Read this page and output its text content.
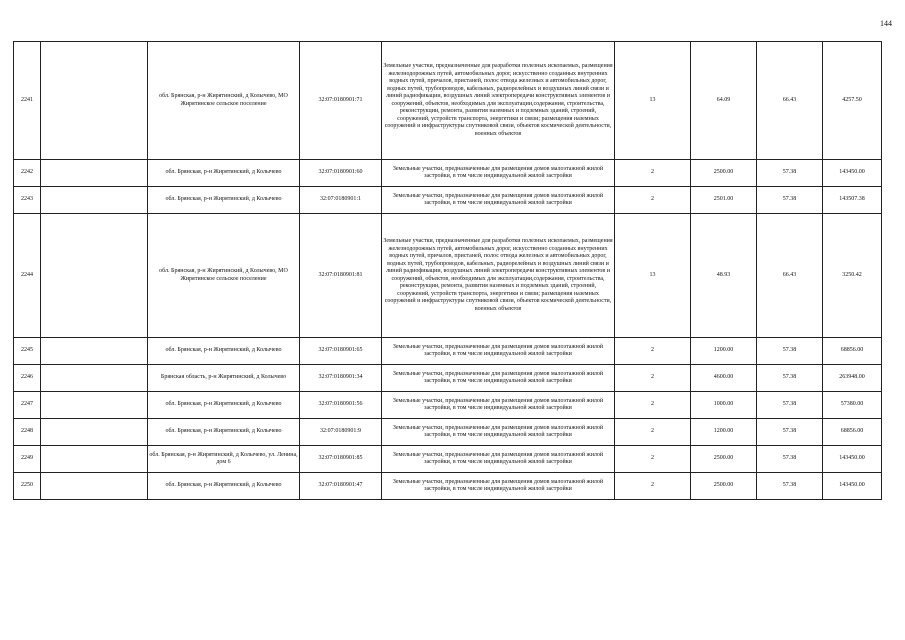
144
2241		обл. Брянская, р-н Жирятинский, д Колычево, МО Жирятинское сельское поселение	32:07:0180901:71	Земельные участки, предназначенные для разработки полезных ископаемых, размещения железнодорожных путей, автомобильных дорог, искусственно созданных внутренних водных путей, причалов, пристаней, полос отвода железных и автомобильных дорог, водных путей, трубопроводов, кабельных, радиорелейных и воздушных линий связи и линий радиофикации, воздушных линий электропередачи конструктивных элементов и сооружений, объектов, необходимых для эксплуатации,содержания, строительства, реконструкции, ремонта, развития наземных и подземных зданий, строений, сооружений, устройств транспорта, энергетики и связи; размещения наземных сооружений и инфраструктуры спутниковой связи, объектов космической деятельности, военных объектов	13	64.09	66.43	4257.50
2242		обл. Брянская, р-н Жирятинский, д Колычево	32:07:0180901:60	Земельные участки, предназначенные для размещения домов малоэтажной жилой застройки, в том числе индивидуальной жилой застройки	2	2500.00	57.38	143450.00
2243		обл. Брянская, р-н Жирятинский, д Колычево	32:07:0180901:1	Земельные участки, предназначенные для размещения домов малоэтажной жилой застройки, в том числе индивидуальной жилой застройки	2	2501.00	57.38	143507.38
2244		обл. Брянская, р-н Жирятинский, д Колычево, МО Жирятинское сельское поселение	32:07:0180901:81	Земельные участки, предназначенные для разработки полезных ископаемых, размещения железнодорожных путей, автомобильных дорог, искусственно созданных внутренних водных путей, причалов, пристаней, полос отвода железных и автомобильных дорог, водных путей, трубопроводов, кабельных, радиорелейных и воздушных линий связи и линий радиофикации, воздушных линий электропередачи конструктивных элементов и сооружений, объектов, необходимых для эксплуатации,содержания, строительства, реконструкции, ремонта, развития наземных и подземных зданий, строений, сооружений, устройств транспорта, энергетики и связи; размещения наземных сооружений и инфраструктуры спутниковой связи, объектов космической деятельности, военных объектов	13	48.93	66.43	3250.42
2245		обл. Брянская, р-н Жирятинский, д Колычево	32:07:0180901:65	Земельные участки, предназначенные для размещения домов малоэтажной жилой застройки, в том числе индивидуальной жилой застройки	2	1200.00	57.38	68856.00
2246		Брянская область, р-н Жирятинский, д Колычево	32:07:0180901:34	Земельные участки, предназначенные для размещения домов малоэтажной жилой застройки, в том числе индивидуальной жилой застройки	2	4600.00	57.38	263948.00
2247		обл. Брянская, р-н Жирятинский, д Колычево	32:07:0180901:56	Земельные участки, предназначенные для размещения домов малоэтажной жилой застройки, в том числе индивидуальной жилой застройки	2	1000.00	57.38	57380.00
2248		обл. Брянская, р-н Жирятинский, д Колычево	32:07:0180901:9	Земельные участки, предназначенные для размещения домов малоэтажной жилой застройки, в том числе индивидуальной жилой застройки	2	1200.00	57.38	68856.00
2249		обл. Брянская, р-н Жирятинский, д Колычево, ул. Ленина, дом 6	32:07:0180901:85	Земельные участки, предназначенные для размещения домов малоэтажной жилой застройки, в том числе индивидуальной жилой застройки	2	2500.00	57.38	143450.00
2250		обл. Брянская, р-н Жирятинский, д Колычево	32:07:0180901:47	Земельные участки, предназначенные для размещения домов малоэтажной жилой застройки, в том числе индивидуальной жилой застройки	2	2500.00	57.38	143450.00
